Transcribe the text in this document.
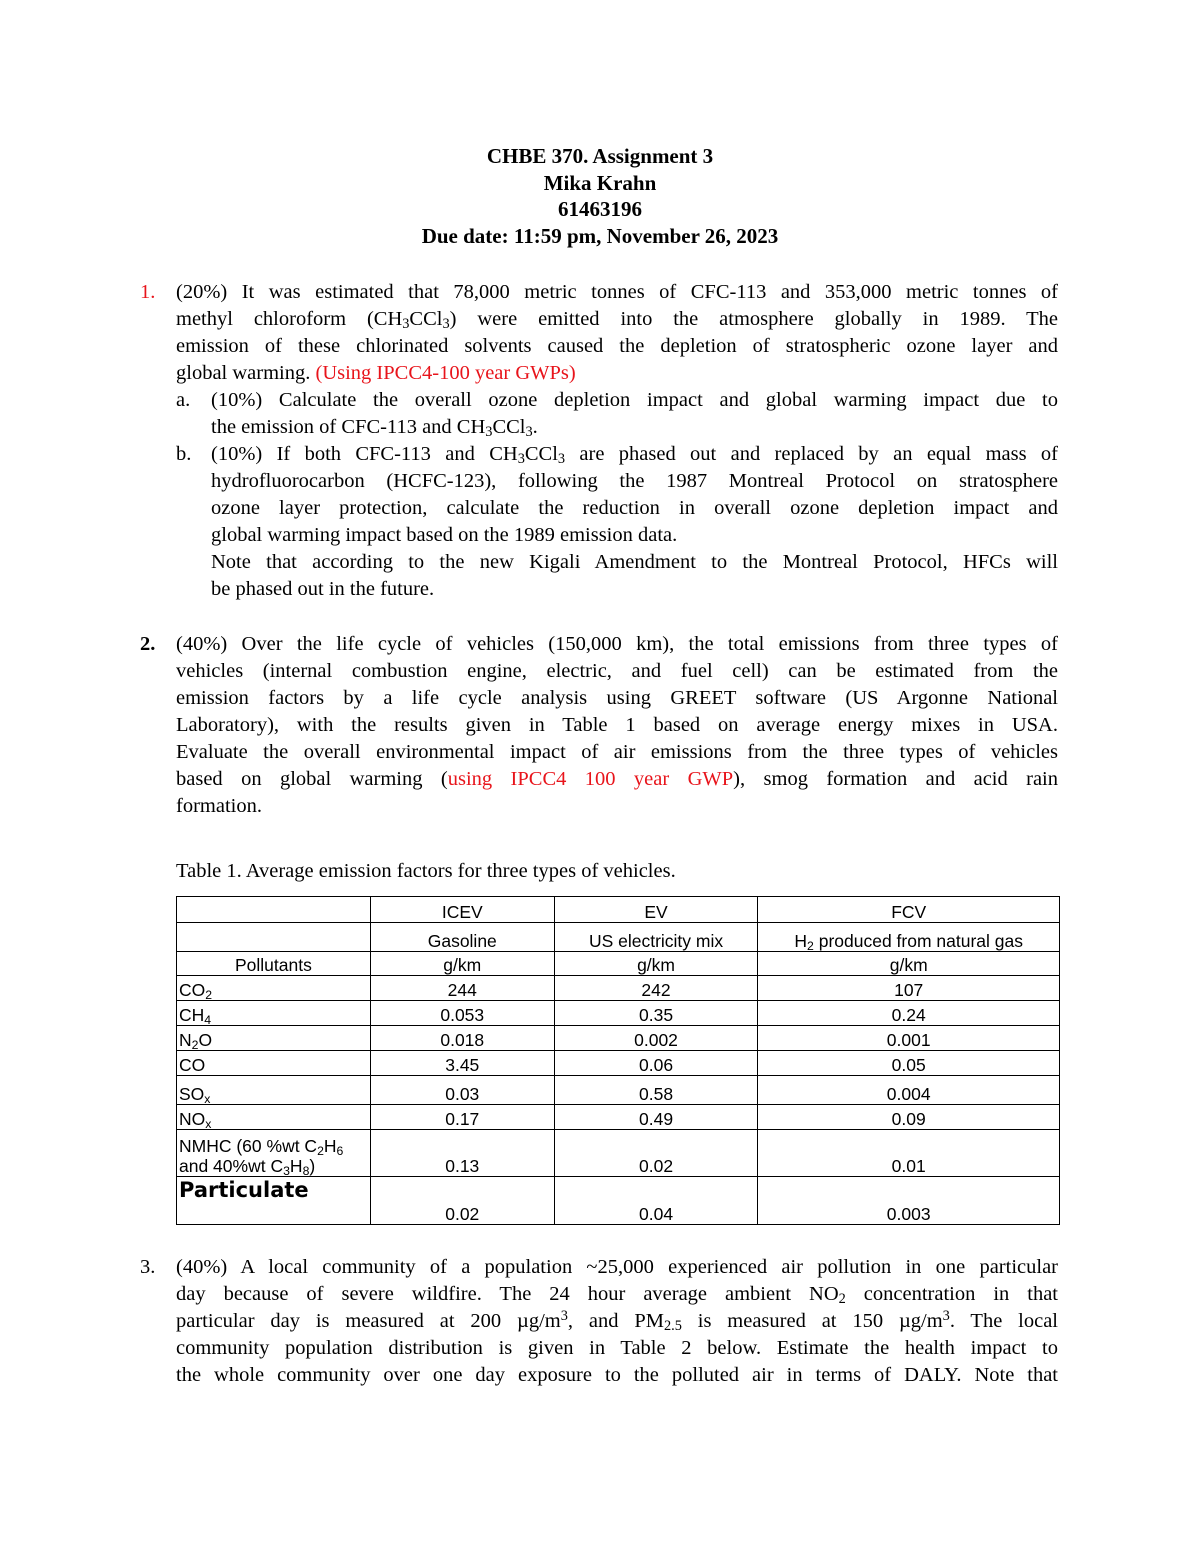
CHBE 370. Assignment 3
Mika Krahn
61463196
Due date: 11:59 pm, November 26, 2023
1. (20%) It was estimated that 78,000 metric tonnes of CFC-113 and 353,000 metric tonnes of
methyl chloroform $(CH_3CCl_3)$ were emitted into the atmosphere globally in 1989. The
emission of these chlorinated solvents caused the depletion of stratospheric ozone layer and
global warming. (Using IPCC4-100 year GWPs)
a. (10%) Calculate the overall ozone depletion impact and global warming impact due to
the emission of CFC-113 and $CH_3CCl_3$.
b. (10%) If both CFC-113 and $CH_3CCl_3$ are phased out and replaced by an equal mass of
hydrofluorocarbon (HCFC-123), following the 1987 Montreal Protocol on stratosphere
ozone layer protection, calculate the reduction in overall ozone depletion impact and
global warming impact based on the 1989 emission data.
Note that according to the new Kigali Amendment to the Montreal Protocol, HFCs will
be phased out in the future.
2. (40%) Over the life cycle of vehicles (150,000 km), the total emissions from three types of
vehicles (internal combustion engine, electric, and fuel cell) can be estimated from the
emission factors by a life cycle analysis using GREET software (US Argonne National
Laboratory), with the results given in Table 1 based on average energy mixes in USA.
Evaluate the overall environmental impact of air emissions from the three types of vehicles
based on global warming (using IPCC4 100 year GWP), smog formation and acid rain
formation.
Table 1. Average emission factors for three types of vehicles.
	ICEV	EV	FCV
	Gasoline	US electricity mix	$H_2$ produced from natural gas
Pollutants	g/km	g/km	g/km
$CO_2$	244	242	107
$CH_4$	0.053	0.35	0.24
$N_2O$	0.018	0.002	0.001
CO	3.45	0.06	0.05
$SO_x$	0.03	0.58	0.004
$NO_x$	0.17	0.49	0.09

NMHC (60 %wt $C_2H_6$
and 40%wt $C_3H_8$)	0.13	0.02	0.01

Particulate	0.02	0.04	0.003
3. (40%) A local community of a population ~25,000 experienced air pollution in one particular
day because of severe wildfire. The 24 hour average ambient $NO_2$ concentration in that
particular day is measured at 200 $\mu g/m^3$, and $PM_{2.5}$ is measured at 150 $\mu g/m^3$. The local
community population distribution is given in Table 2 below. Estimate the health impact to
the whole community over one day exposure to the polluted air in terms of DALY. Note that
